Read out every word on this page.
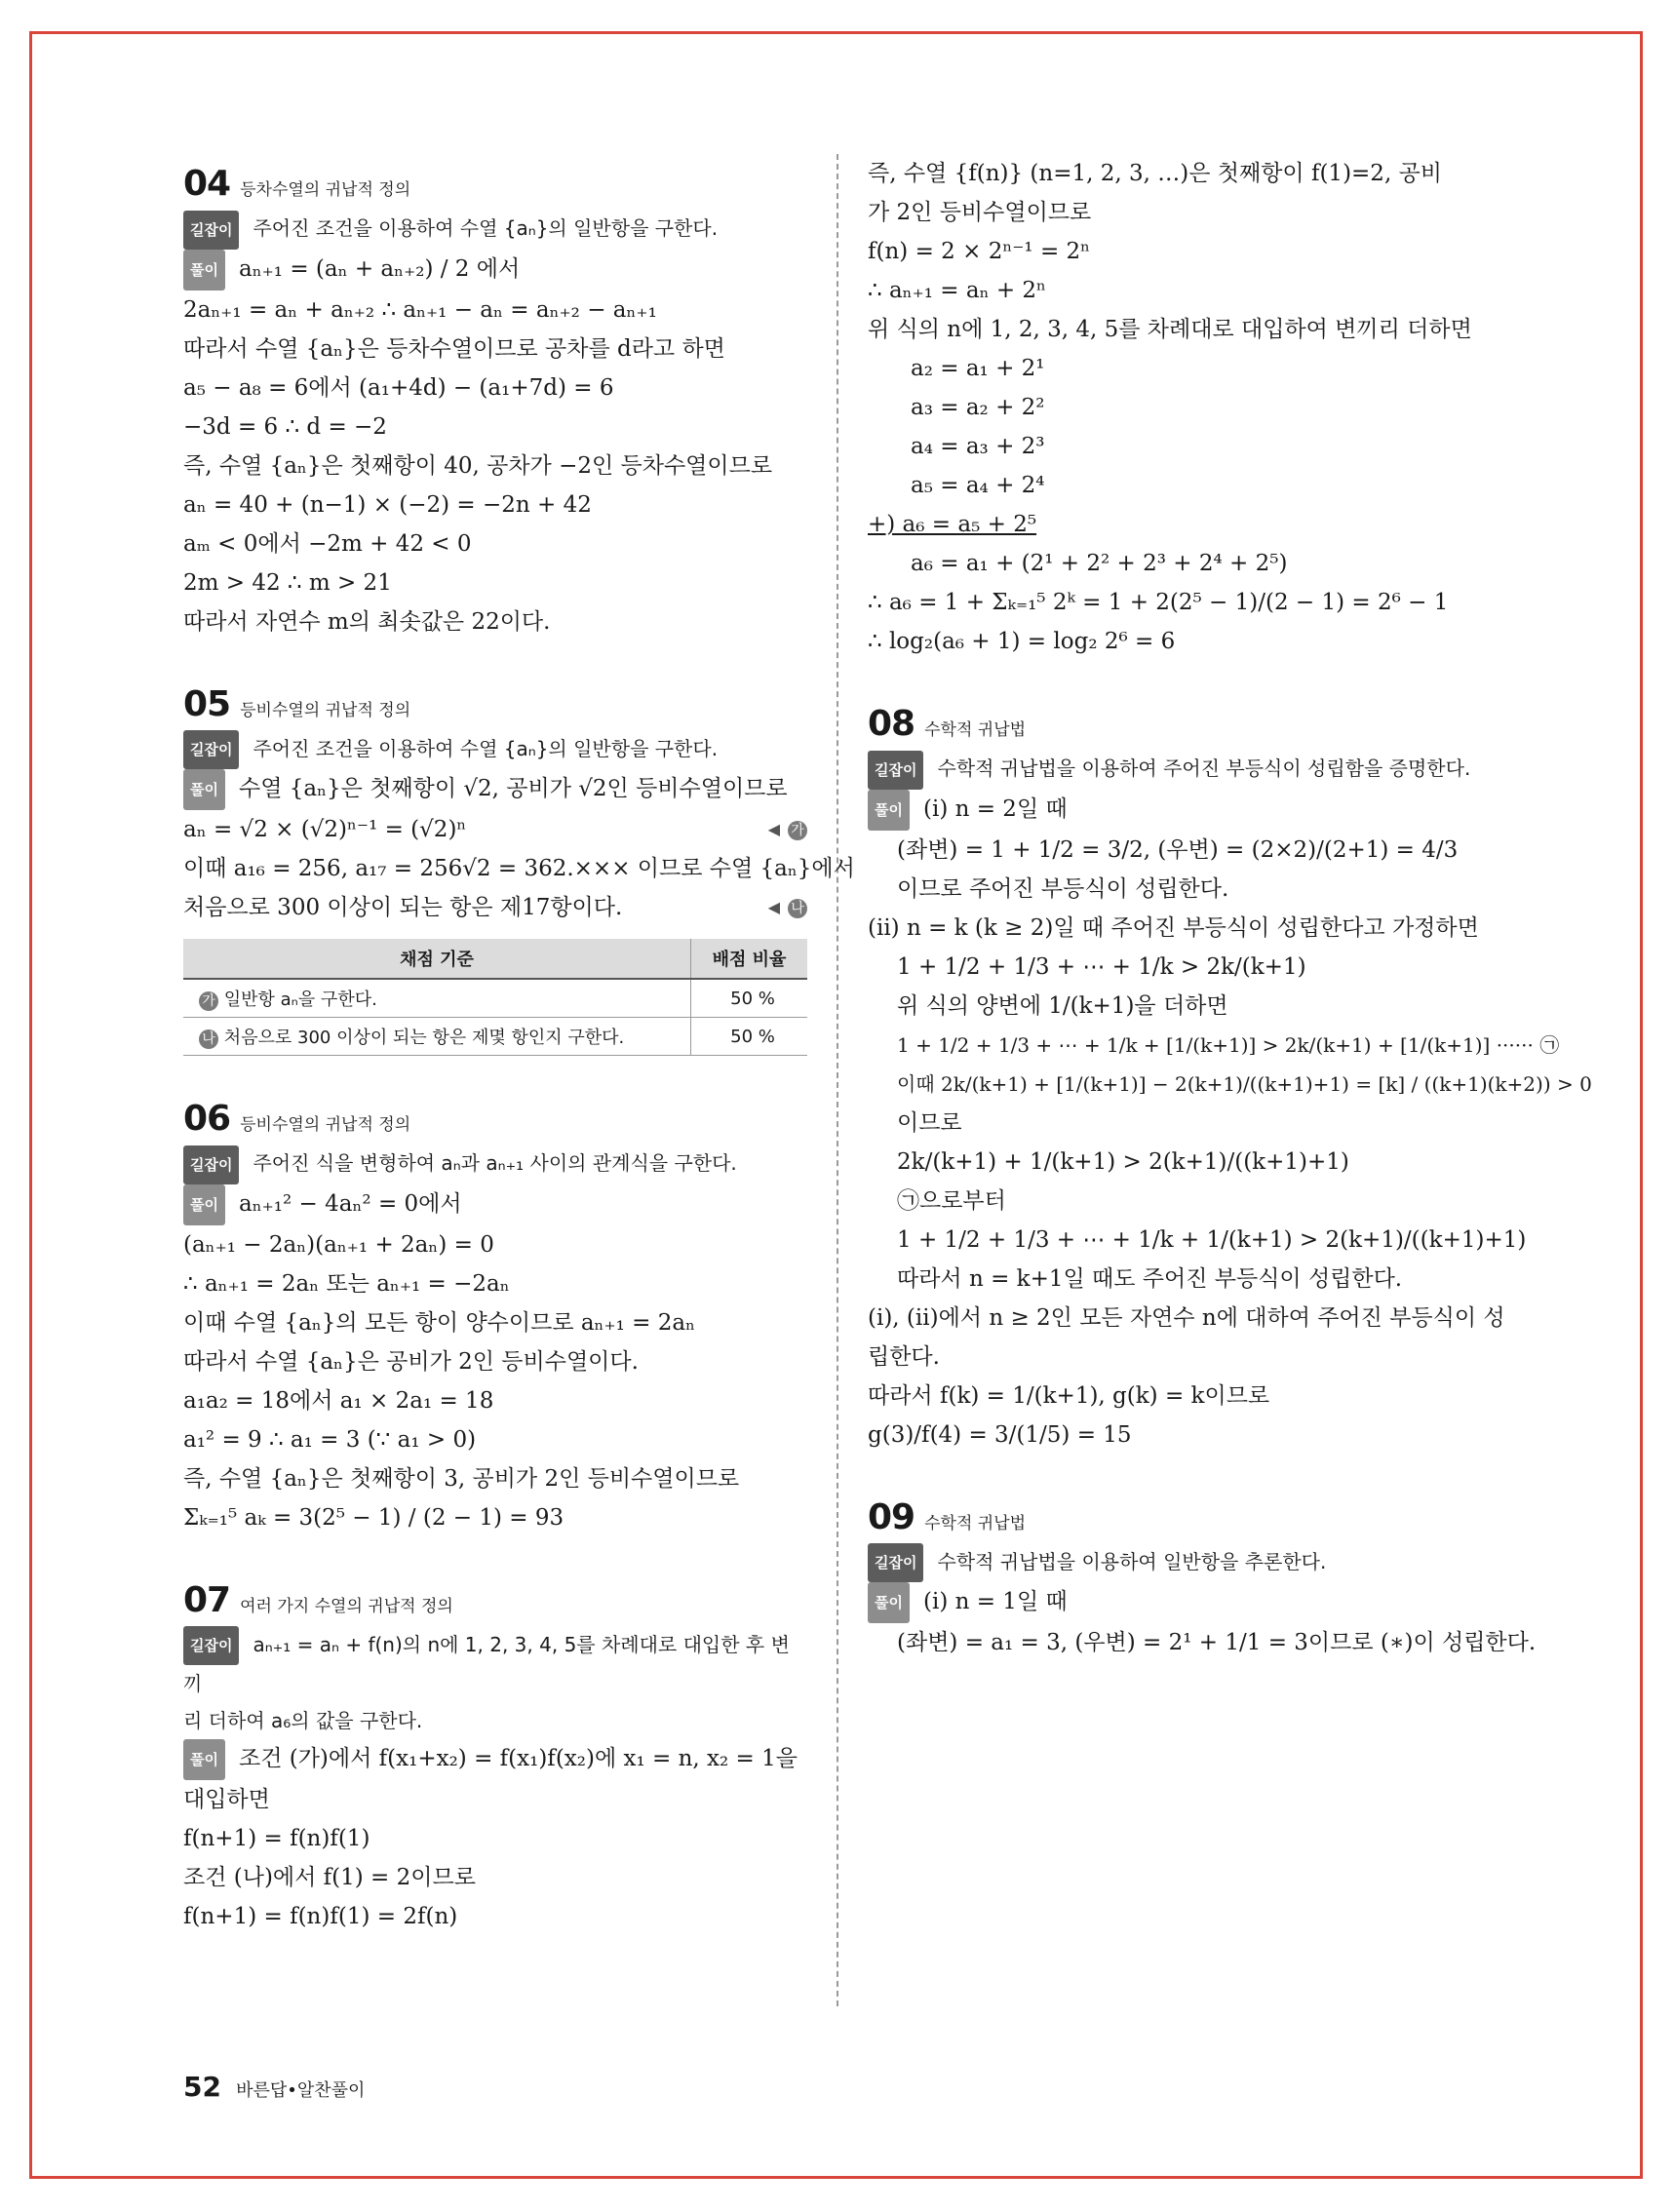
04 등차수열의 귀납적 정의
길잡이 주어진 조건을 이용하여 수열 {aₙ}의 일반항을 구한다.
풀이 aₙ₊₁ = (aₙ + aₙ₊₂) / 2 에서
2aₙ₊₁ = aₙ + aₙ₊₂ ∴ aₙ₊₁ − aₙ = aₙ₊₂ − aₙ₊₁
따라서 수열 {aₙ}은 등차수열이므로 공차를 d라고 하면
a₅ − a₈ = 6에서 (a₁+4d) − (a₁+7d) = 6
−3d = 6 ∴ d = −2
즉, 수열 {aₙ}은 첫째항이 40, 공차가 −2인 등차수열이므로
aₙ = 40 + (n−1) × (−2) = −2n + 42
aₘ < 0에서 −2m + 42 < 0
2m > 42 ∴ m > 21
따라서 자연수 m의 최솟값은 22이다.
05 등비수열의 귀납적 정의
길잡이 주어진 조건을 이용하여 수열 {aₙ}의 일반항을 구한다.
풀이 수열 {aₙ}은 첫째항이 √2, 공비가 √2인 등비수열이므로
aₙ = √2 × (√2)ⁿ⁻¹ = (√2)ⁿ	◀ 가
이때 a₁₆ = 256, a₁₇ = 256√2 = 362.××× 이므로 수열 {aₙ}에서
처음으로 300 이상이 되는 항은 제17항이다.	◀ 나
채점 기준	배점 비율
가 일반항 aₙ을 구한다.	50 %
나 처음으로 300 이상이 되는 항은 제몇 항인지 구한다.	50 %
06 등비수열의 귀납적 정의
길잡이 주어진 식을 변형하여 aₙ과 aₙ₊₁ 사이의 관계식을 구한다.
풀이 aₙ₊₁² − 4aₙ² = 0에서
(aₙ₊₁ − 2aₙ)(aₙ₊₁ + 2aₙ) = 0
∴ aₙ₊₁ = 2aₙ 또는 aₙ₊₁ = −2aₙ
이때 수열 {aₙ}의 모든 항이 양수이므로 aₙ₊₁ = 2aₙ
따라서 수열 {aₙ}은 공비가 2인 등비수열이다.
a₁a₂ = 18에서 a₁ × 2a₁ = 18
a₁² = 9 ∴ a₁ = 3 (∵ a₁ > 0)
즉, 수열 {aₙ}은 첫째항이 3, 공비가 2인 등비수열이므로
Σₖ₌₁⁵ aₖ = 3(2⁵ − 1) / (2 − 1) = 93
07 여러 가지 수열의 귀납적 정의
길잡이 aₙ₊₁ = aₙ + f(n)의 n에 1, 2, 3, 4, 5를 차례대로 대입한 후 변끼
리 더하여 a₆의 값을 구한다.
풀이 조건 (가)에서 f(x₁+x₂) = f(x₁)f(x₂)에 x₁ = n, x₂ = 1을
대입하면
f(n+1) = f(n)f(1)
조건 (나)에서 f(1) = 2이므로
f(n+1) = f(n)f(1) = 2f(n)
즉, 수열 {f(n)} (n=1, 2, 3, …)은 첫째항이 f(1)=2, 공비
가 2인 등비수열이므로
f(n) = 2 × 2ⁿ⁻¹ = 2ⁿ
∴ aₙ₊₁ = aₙ + 2ⁿ
위 식의 n에 1, 2, 3, 4, 5를 차례대로 대입하여 변끼리 더하면
a₂ = a₁ + 2¹
a₃ = a₂ + 2²
a₄ = a₃ + 2³
a₅ = a₄ + 2⁴
+) a₆ = a₅ + 2⁵
a₆ = a₁ + (2¹ + 2² + 2³ + 2⁴ + 2⁵)
∴ a₆ = 1 + Σₖ₌₁⁵ 2ᵏ = 1 + 2(2⁵ − 1)/(2 − 1) = 2⁶ − 1
∴ log₂(a₆ + 1) = log₂ 2⁶ = 6
08 수학적 귀납법
길잡이 수학적 귀납법을 이용하여 주어진 부등식이 성립함을 증명한다.
풀이 (i) n = 2일 때
(좌변) = 1 + 1/2 = 3/2, (우변) = (2×2)/(2+1) = 4/3
이므로 주어진 부등식이 성립한다.
(ii) n = k (k ≥ 2)일 때 주어진 부등식이 성립한다고 가정하면
1 + 1/2 + 1/3 + ⋯ + 1/k > 2k/(k+1)
위 식의 양변에 1/(k+1)을 더하면
1 + 1/2 + 1/3 + ⋯ + 1/k + [1/(k+1)] > 2k/(k+1) + [1/(k+1)] ······ ㉠
이때 2k/(k+1) + [1/(k+1)] − 2(k+1)/((k+1)+1) = [k] / ((k+1)(k+2)) > 0
이므로
2k/(k+1) + 1/(k+1) > 2(k+1)/((k+1)+1)
㉠으로부터
1 + 1/2 + 1/3 + ⋯ + 1/k + 1/(k+1) > 2(k+1)/((k+1)+1)
따라서 n = k+1일 때도 주어진 부등식이 성립한다.
(i), (ii)에서 n ≥ 2인 모든 자연수 n에 대하여 주어진 부등식이 성
립한다.
따라서 f(k) = 1/(k+1), g(k) = k이므로
g(3)/f(4) = 3/(1/5) = 15
09 수학적 귀납법
길잡이 수학적 귀납법을 이용하여 일반항을 추론한다.
풀이 (i) n = 1일 때
(좌변) = a₁ = 3, (우변) = 2¹ + 1/1 = 3이므로 (∗)이 성립한다.
52 바른답•알찬풀이
